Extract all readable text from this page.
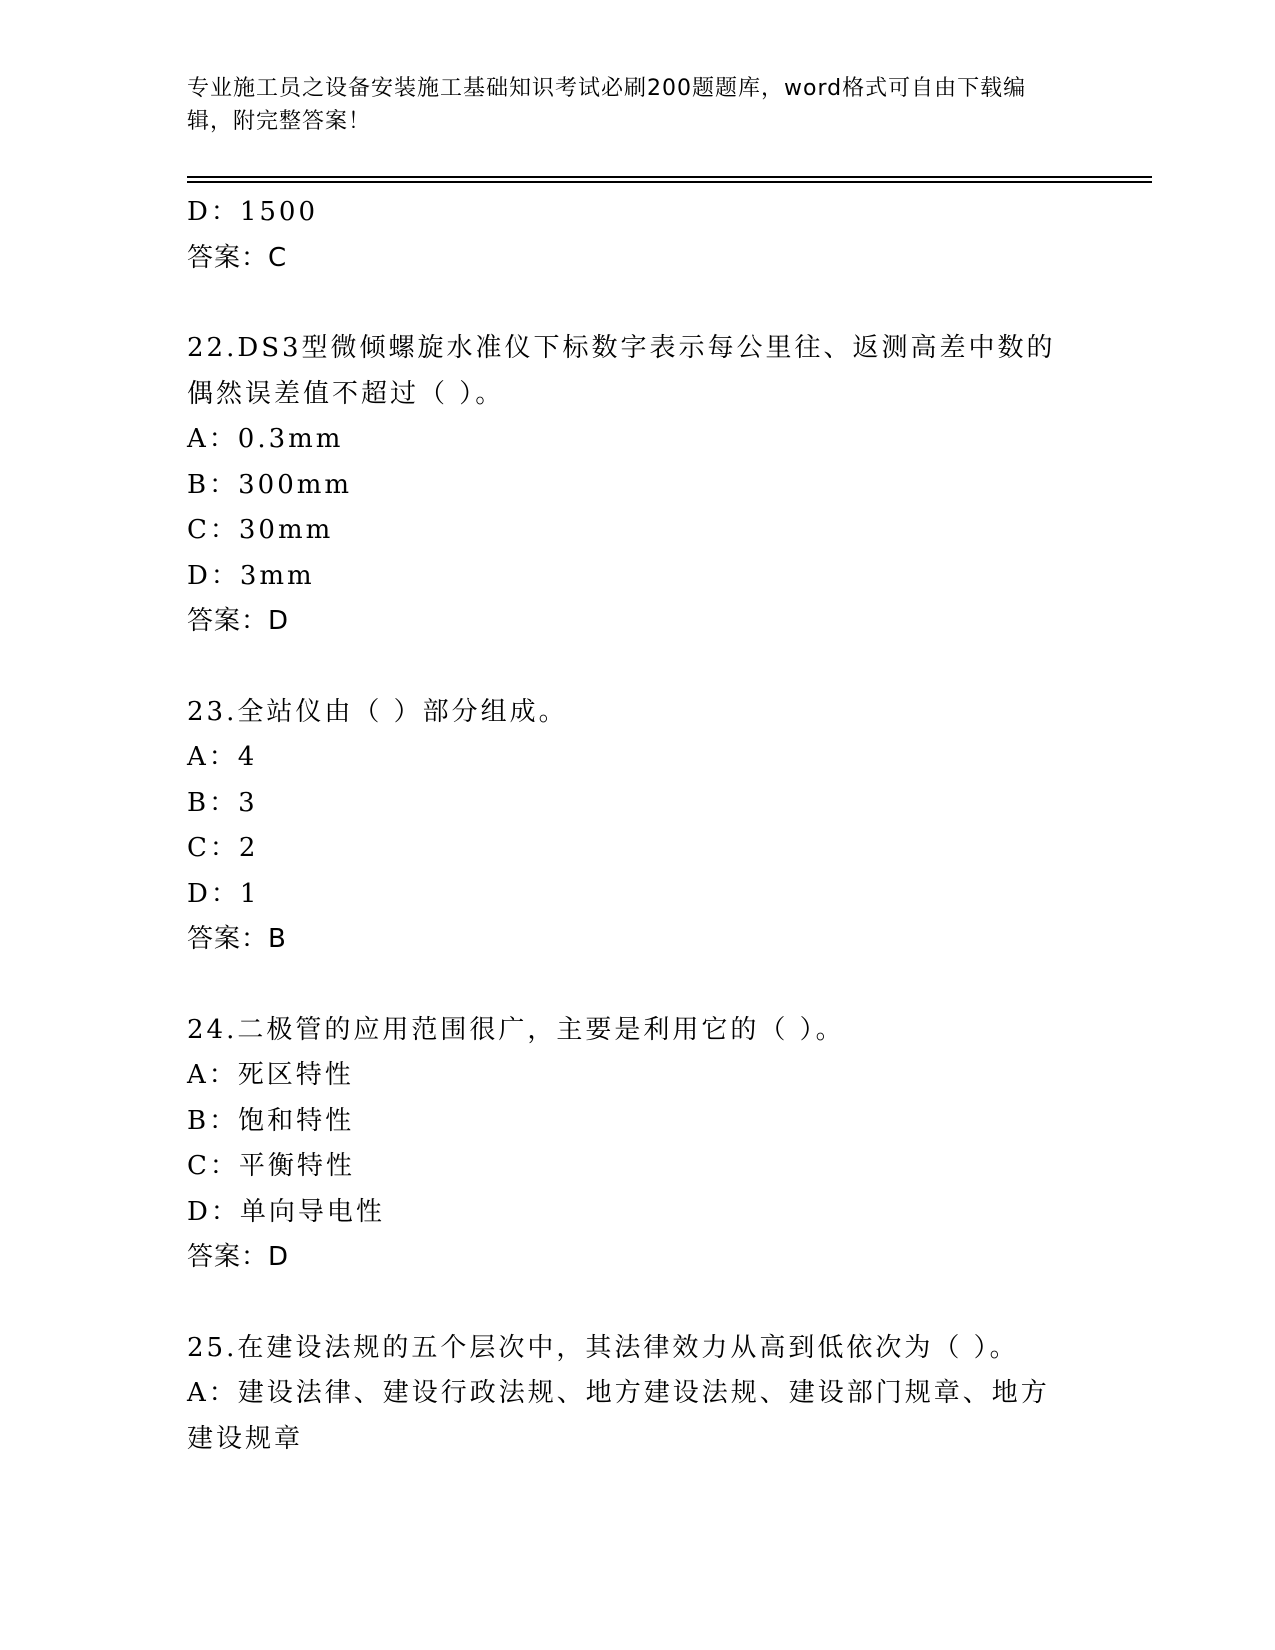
专业施工员之设备安装施工基础知识考试必刷200题题库，word格式可自由下载编辑，附完整答案！
D：1500
答案：C
22.DS3型微倾螺旋水准仪下标数字表示每公里往、返测高差中数的偶然误差值不超过（ ）。
A：0.3mm
B：300mm
C：30mm
D：3mm
答案：D
23.全站仪由（ ）部分组成。
A：4
B：3
C：2
D：1
答案：B
24.二极管的应用范围很广，主要是利用它的（ ）。
A：死区特性
B：饱和特性
C：平衡特性
D：单向导电性
答案：D
25.在建设法规的五个层次中，其法律效力从高到低依次为（ ）。
A：建设法律、建设行政法规、地方建设法规、建设部门规章、地方建设规章
